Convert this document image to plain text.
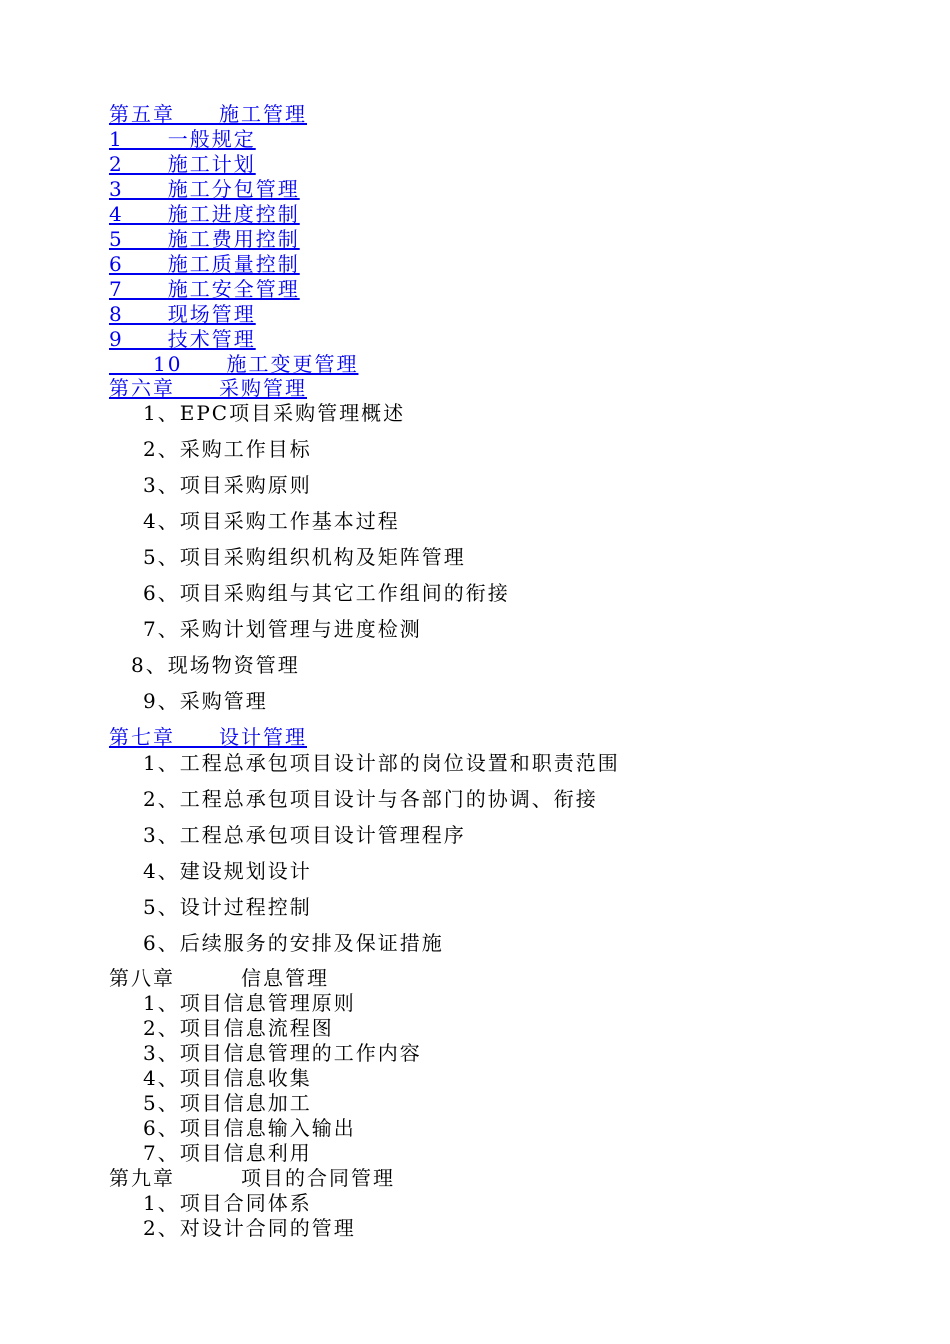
第五章　　施工管理
1　　一般规定
2　　施工计划
3　　施工分包管理
4　　施工进度控制
5　　施工费用控制
6　　施工质量控制
7　　施工安全管理
8　　现场管理
9　　技术管理
　　10　　施工变更管理
第六章　　采购管理
1、EPC项目采购管理概述
2、采购工作目标
3、项目采购原则
4、项目采购工作基本过程
5、项目采购组织机构及矩阵管理
6、项目采购组与其它工作组间的衔接
7、采购计划管理与进度检测
8、现场物资管理
9、采购管理
第七章　　设计管理
1、工程总承包项目设计部的岗位设置和职责范围
2、工程总承包项目设计与各部门的协调、衔接
3、工程总承包项目设计管理程序
4、建设规划设计
5、设计过程控制
6、后续服务的安排及保证措施
第八章　　　信息管理
1、项目信息管理原则
2、项目信息流程图
3、项目信息管理的工作内容
4、项目信息收集
5、项目信息加工
6、项目信息输入输出
7、项目信息利用
第九章　　　项目的合同管理
1、项目合同体系
2、对设计合同的管理
